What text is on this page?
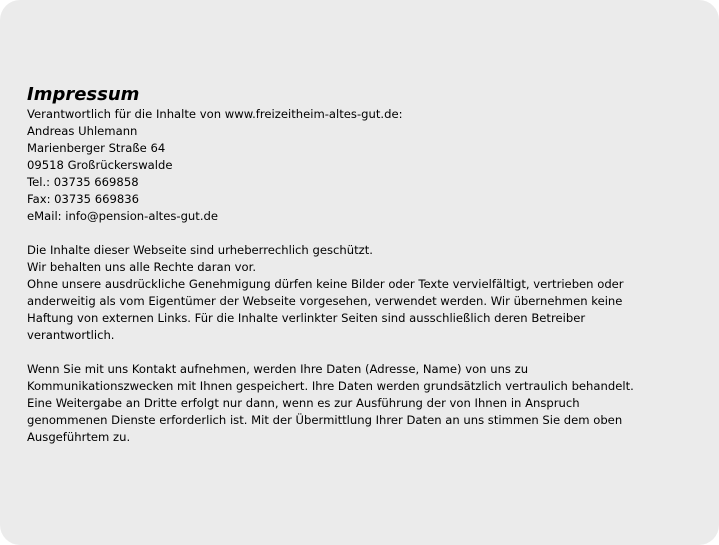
Impressum
Verantwortlich für die Inhalte von www.freizeitheim-altes-gut.de:
Andreas Uhlemann
Marienberger Straße 64
09518 Großrückerswalde
Tel.: 03735 669858
Fax: 03735 669836
eMail: info@pension-altes-gut.de
Die Inhalte dieser Webseite sind urheberrechlich geschützt.
Wir behalten uns alle Rechte daran vor.
Ohne unsere ausdrückliche Genehmigung dürfen keine Bilder oder Texte vervielfältigt, vertrieben oder
anderweitig als vom Eigentümer der Webseite vorgesehen, verwendet werden. Wir übernehmen keine
Haftung von externen Links. Für die Inhalte verlinkter Seiten sind ausschließlich deren Betreiber
verantwortlich.
Wenn Sie mit uns Kontakt aufnehmen, werden Ihre Daten (Adresse, Name) von uns zu
Kommunikationszwecken mit Ihnen gespeichert. Ihre Daten werden grundsätzlich vertraulich behandelt.
Eine Weitergabe an Dritte erfolgt nur dann, wenn es zur Ausführung der von Ihnen in Anspruch
genommenen Dienste erforderlich ist. Mit der Übermittlung Ihrer Daten an uns stimmen Sie dem oben
Ausgeführtem zu.
